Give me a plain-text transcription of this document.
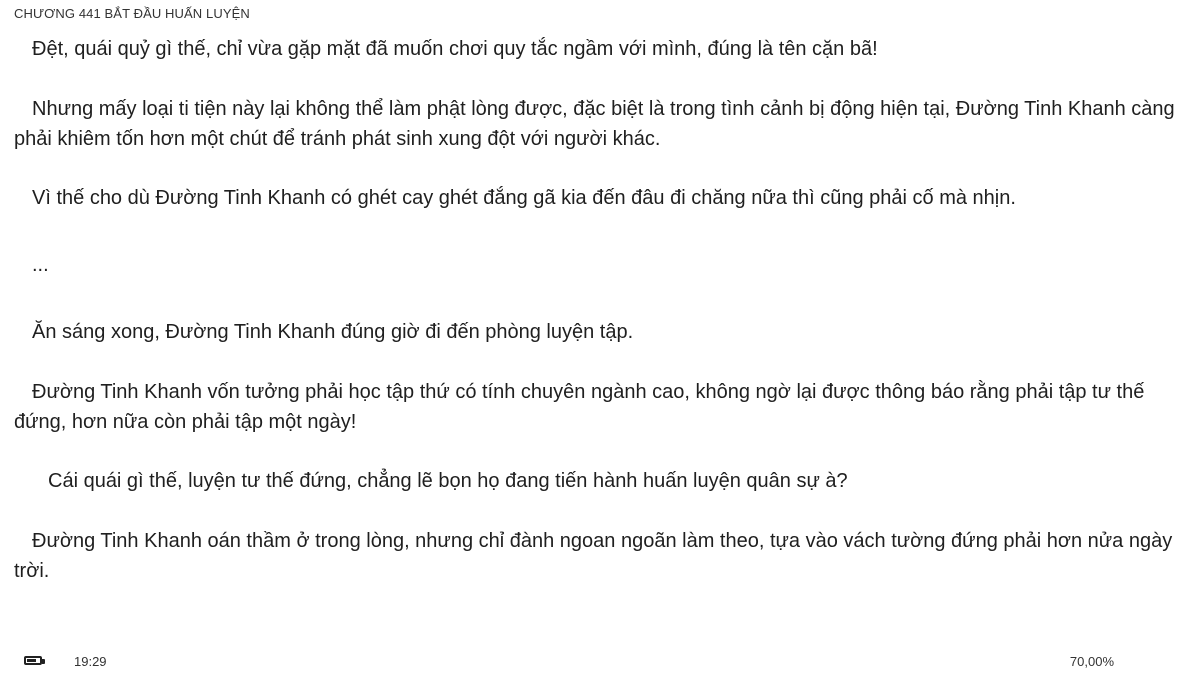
CHƯƠNG 441 BẮT ĐẦU HUẤN LUYỆN

Đệt, quái quỷ gì thế, chỉ vừa gặp mặt đã muốn chơi quy tắc ngầm với mình, đúng là tên cặn bã!

Nhưng mấy loại ti tiện này lại không thể làm phật lòng được, đặc biệt là trong tình cảnh bị động hiện tại, Đường Tinh Khanh càng phải khiêm tốn hơn một chút để tránh phát sinh xung đột với người khác.

Vì thế cho dù Đường Tinh Khanh có ghét cay ghét đắng gã kia đến đâu đi chăng nữa thì cũng phải cố mà nhịn.

...

Ăn sáng xong, Đường Tinh Khanh đúng giờ đi đến phòng luyện tập.

Đường Tinh Khanh vốn tưởng phải học tập thứ có tính chuyên ngành cao, không ngờ lại được thông báo rằng phải tập tư thế đứng, hơn nữa còn phải tập một ngày!

Cái quái gì thế, luyện tư thế đứng, chẳng lẽ bọn họ đang tiến hành huấn luyện quân sự à?

Đường Tinh Khanh oán thầm ở trong lòng, nhưng chỉ đành ngoan ngoãn làm theo, tựa vào vách tường đứng phải hơn nửa ngày trời.

19:29	70,00%
